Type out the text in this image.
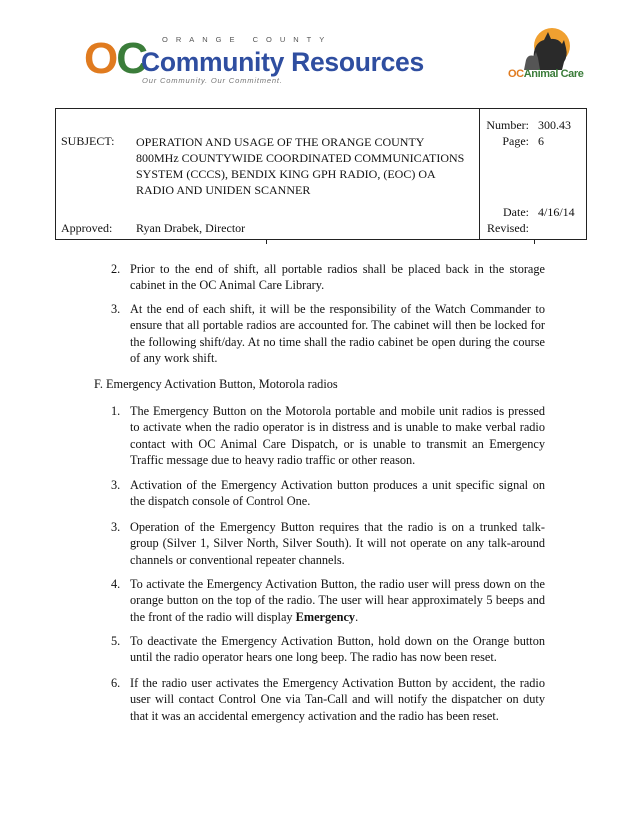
OC ORANGE COUNTY
Community Resources
Our Community. Our Commitment.
OCAnimal Care
SUBJECT: OPERATION AND USAGE OF THE ORANGE COUNTY 800MHz COUNTYWIDE COORDINATED COMMUNICATIONS SYSTEM (CCCS), BENDIX KING GPH RADIO, (EOC) OA RADIO AND UNIDEN SCANNER
Approved: Ryan Drabek, Director
Number: 300.43
Page: 6
Date: 4/16/14
Revised:
2. Prior to the end of shift, all portable radios shall be placed back in the storage cabinet in the OC Animal Care Library.
3. At the end of each shift, it will be the responsibility of the Watch Commander to ensure that all portable radios are accounted for. The cabinet will then be locked for the following shift/day. At no time shall the radio cabinet be open during the course of any work shift.
F. Emergency Activation Button, Motorola radios
1. The Emergency Button on the Motorola portable and mobile unit radios is pressed to activate when the radio operator is in distress and is unable to make verbal radio contact with OC Animal Care Dispatch, or is unable to transmit an Emergency Traffic message due to heavy radio traffic or other reason.
3. Activation of the Emergency Activation button produces a unit specific signal on the dispatch console of Control One.
3. Operation of the Emergency Button requires that the radio is on a trunked talk-group (Silver 1, Silver North, Silver South). It will not operate on any talk-around channels or conventional repeater channels.
4. To activate the Emergency Activation Button, the radio user will press down on the orange button on the top of the radio. The user will hear approximately 5 beeps and the front of the radio will display Emergency.
5. To deactivate the Emergency Activation Button, hold down on the Orange button until the radio operator hears one long beep. The radio has now been reset.
6. If the radio user activates the Emergency Activation Button by accident, the radio user will contact Control One via Tan-Call and will notify the dispatcher on duty that it was an accidental emergency activation and the radio has been reset.
